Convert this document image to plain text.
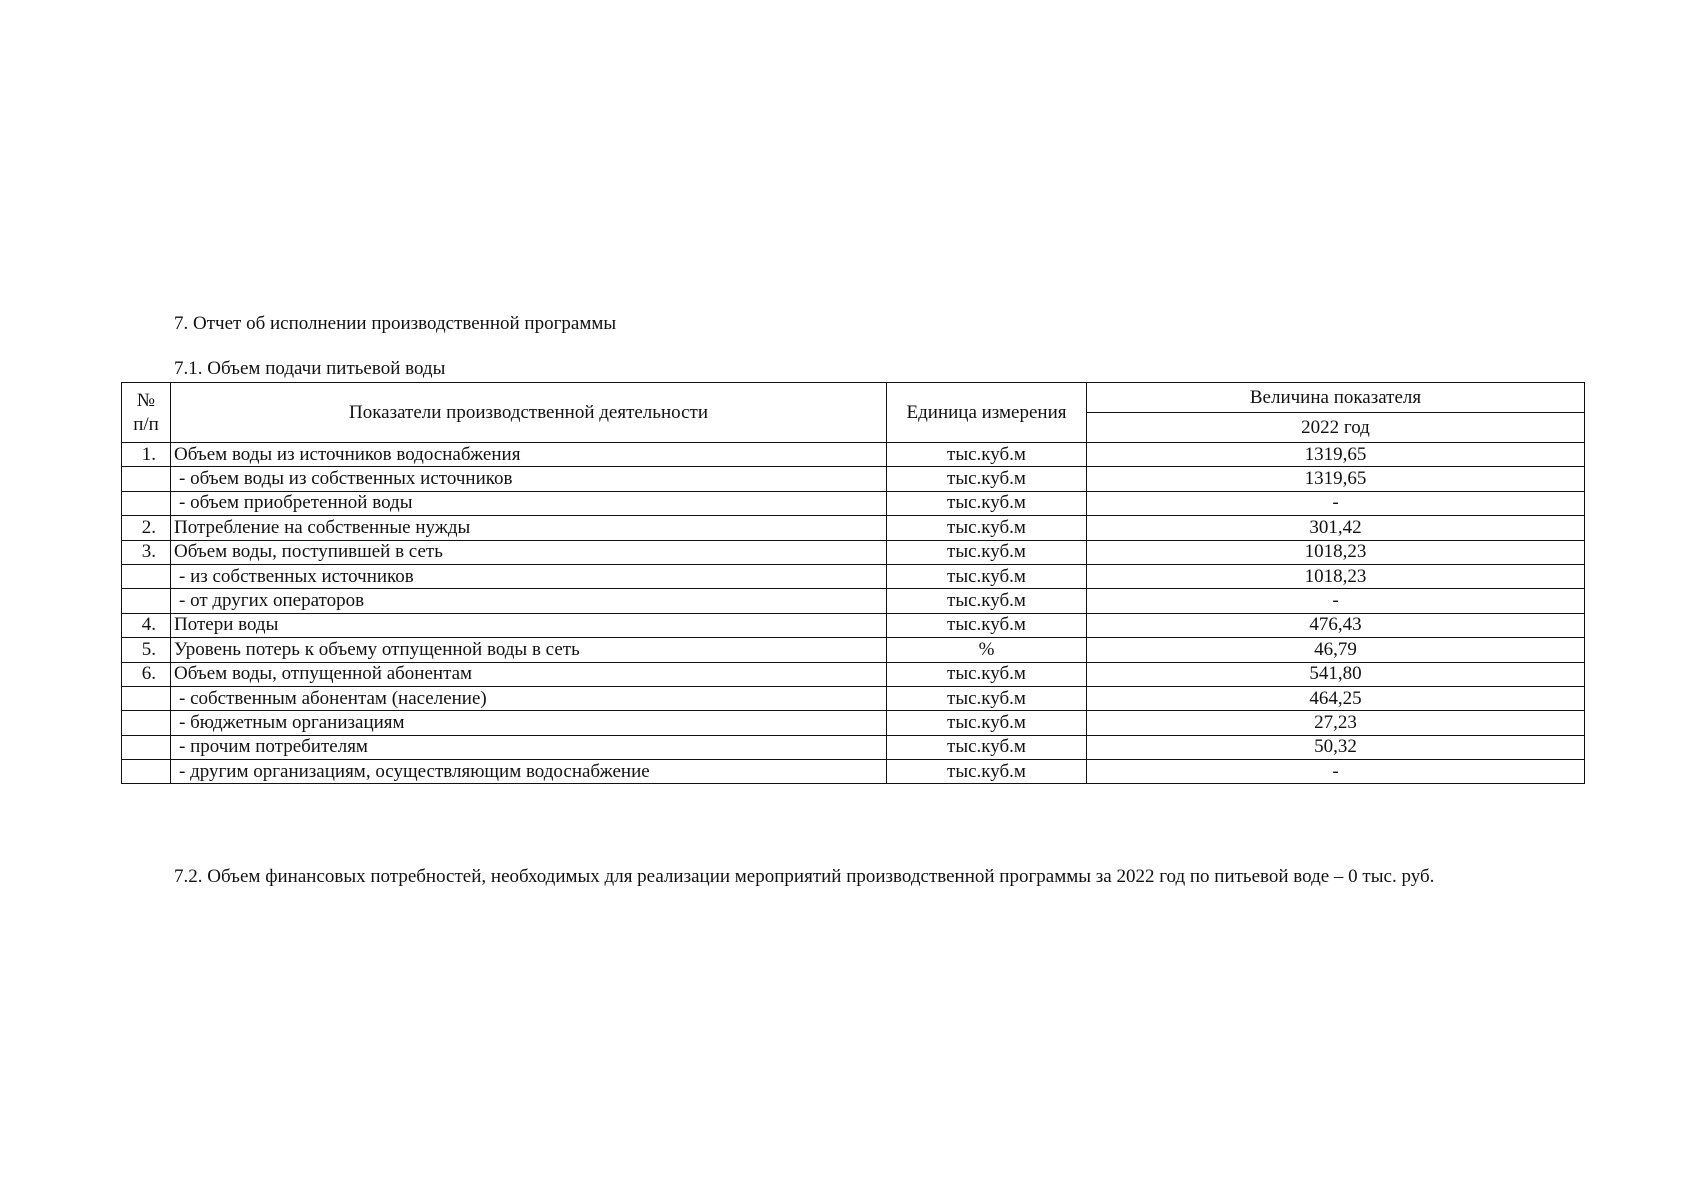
7. Отчет об исполнении производственной программы
7.1. Объем подачи питьевой воды
№
п/п	Показатели производственной деятельности	Единица измерения	Величина показателя
			2022 год
1.	Объем воды из источников водоснабжения	тыс.куб.м	1319,65
	- объем воды из собственных источников	тыс.куб.м	1319,65
	- объем приобретенной воды	тыс.куб.м	-
2.	Потребление на собственные нужды	тыс.куб.м	301,42
3.	Объем воды, поступившей в сеть	тыс.куб.м	1018,23
	- из собственных источников	тыс.куб.м	1018,23
	- от других операторов	тыс.куб.м	-
4.	Потери воды	тыс.куб.м	476,43
5.	Уровень потерь к объему отпущенной воды в сеть	%	46,79
6.	Объем воды, отпущенной абонентам	тыс.куб.м	541,80
	- собственным абонентам (население)	тыс.куб.м	464,25
	- бюджетным организациям	тыс.куб.м	27,23
	- прочим потребителям	тыс.куб.м	50,32
	- другим организациям, осуществляющим водоснабжение	тыс.куб.м	-
7.2. Объем финансовых потребностей, необходимых для реализации мероприятий производственной программы за 2022 год по питьевой воде – 0 тыс. руб.
